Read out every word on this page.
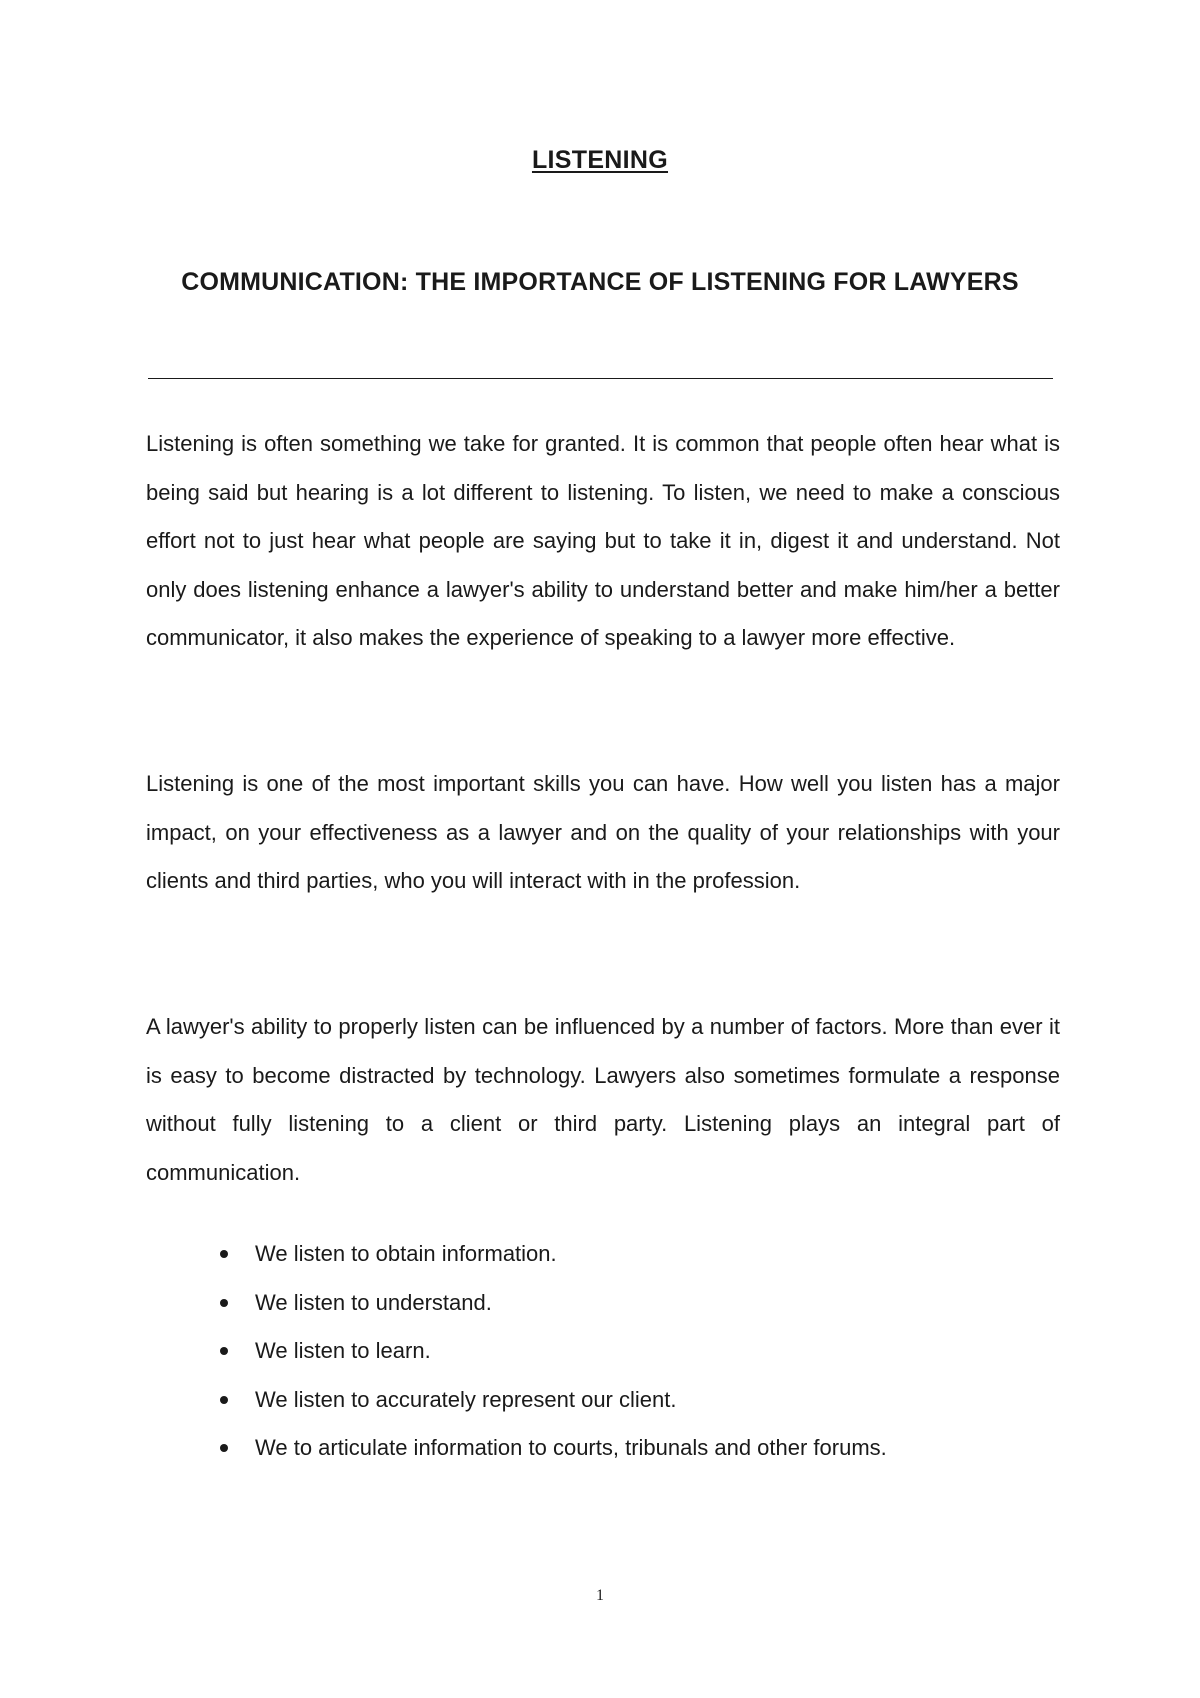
LISTENING
COMMUNICATION: THE IMPORTANCE OF LISTENING FOR LAWYERS

Listening is often something we take for granted. It is common that people often hear what is being said but hearing is a lot different to listening. To listen, we need to make a conscious effort not to just hear what people are saying but to take it in, digest it and understand. Not only does listening enhance a lawyer's ability to understand better and make him/her a better communicator, it also makes the experience of speaking to a lawyer more effective.

Listening is one of the most important skills you can have. How well you listen has a major impact, on your effectiveness as a lawyer and on the quality of your relationships with your clients and third parties, who you will interact with in the profession.

A lawyer's ability to properly listen can be influenced by a number of factors. More than ever it is easy to become distracted by technology. Lawyers also sometimes formulate a response without fully listening to a client or third party. Listening plays an integral part of communication.

We listen to obtain information.
We listen to understand.
We listen to learn.
We listen to accurately represent our client.
We to articulate information to courts, tribunals and other forums.
1
